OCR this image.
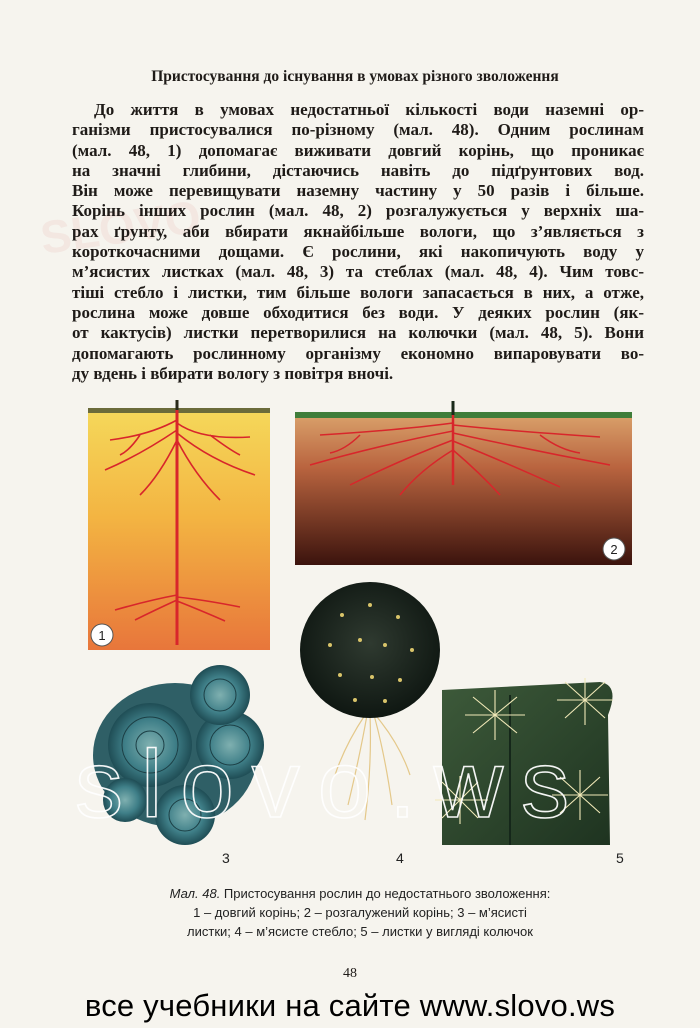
SLOVO
Пристосування до існування в умовах різного зволоження
До життя в умовах недостатньої кількості води наземні ор-
ганізми пристосувалися по-різному (мал. 48). Одним рослинам
(мал. 48, 1) допомагає виживати довгий корінь, що проникає
на значні глибини, дістаючись навіть до підґрунтових вод.
Він може перевищувати наземну частину у 50 разів і більше.
Корінь інших рослин (мал. 48, 2) розгалужується у верхніх ша-
рах ґрунту, аби вбирати якнайбільше вологи, що з’являється з
короткочасними дощами. Є рослини, які накопичують воду у
м’ясистих листках (мал. 48, 3) та стеблах (мал. 48, 4). Чим товс-
тіші стебло і листки, тим більше вологи запасається в них, а отже,
рослина може довше обходитися без води. У деяких рослин (як-
от кактусів) листки перетворилися на колючки (мал. 48, 5). Вони
допомагають рослинному організму економно випаровувати во-
ду вдень і вбирати вологу з повітря вночі.
1
2
3	4	5
slovo.ws
Мал. 48. Пристосування рослин до недостатнього зволоження:
1 – довгий корінь; 2 – розгалужений корінь; 3 – м’ясисті
листки; 4 – м’ясисте стебло; 5 – листки у вигляді колючок
48
все учебники на сайте www.slovo.ws
